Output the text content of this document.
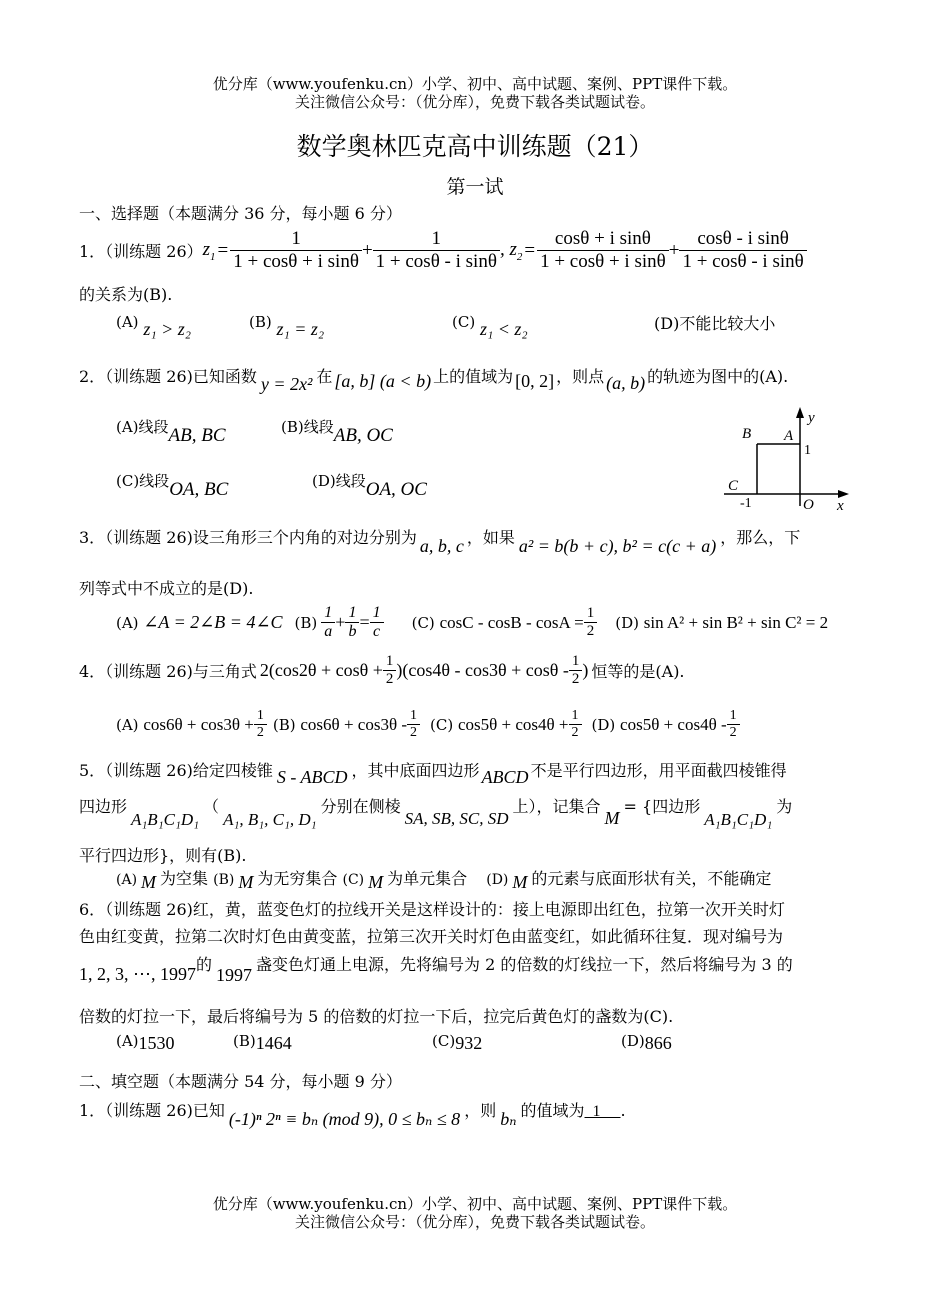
优分库（www.youfenku.cn）小学、初中、高中试题、案例、PPT课件下载。
关注微信公众号：（优分库），免费下载各类试题试卷。
数学奥林匹克高中训练题（21）
第一试
一、选择题（本题满分 36 分，每小题 6 分）
1．（训练题 26） $z_1 = \frac{1}{\text{1 + cosθ + i sinθ}} + \frac{1}{\text{1 + cosθ - i sinθ}}$ , $z_2 = \frac{\text{cosθ + i sinθ}}{\text{1 + cosθ + i sinθ}} + \frac{\text{cosθ - i sinθ}}{\text{1 + cosθ - i sinθ}}$
的关系为(B).
(A) z₁ > z₂	(B) z₁ = z₂	(C) z₁ < z₂	(D)不能比较大小
2．（训练题 26)已知函数 y = 2x² 在 [a, b] (a < b) 上的值域为 [0, 2] ，则点 (a, b) 的轨迹为图中的(A).
(A)线段AB, BC	(B)线段AB, OC
(C)线段OA, BC	(D)线段OA, OC
y
B A
1
C
-1	O x
3．（训练题 26)设三角形三个内角的对边分别为 a, b, c ，如果 a² = b(b + c), b² = c(c + a) ，那么，下
列等式中不成立的是(D).
(A) ∠A = 2∠B = 4∠C $(B) \frac{1}{a} + \frac{1}{b} = \frac{1}{c} (C)$ $\cos C - \cos B - \cos A = \frac{1}{2} (D)$ sin A² + sin B² + sin C² = 2
4．（训练题 26)与三角式 $2(\cos 2\theta + \cos\theta + \frac{1}{2} )(\cos 4\theta - \cos 3\theta + \cos\theta - \frac{1}{2}$ ) 恒等的是(A).
(A) $\cos 6\theta + \cos 3\theta + \frac{1}{2} (B) \cos 6\theta + \cos 3\theta - \frac{1}{2} (C) \cos 5\theta + \cos 4\theta + \frac{1}{2} (D) \cos 5\theta + \cos 4\theta - \frac{1}{2}$
5．（训练题 26)给定四棱锥 S - ABCD ，其中底面四边形 ABCD 不是平行四边形，用平面截四棱锥得
四边形A₁B₁C₁D₁（A₁, B₁, C₁, D₁分别在侧棱SA, SB, SC, SD上），记集合M= {四边形A₁B₁C₁D₁为
平行四边形}，则有(B).
(A) M 为空集 (B) M 为无穷集合 (C) M 为单元集合 (D) M 的元素与底面形状有关，不能确定
6．（训练题 26)红，黄，蓝变色灯的拉线开关是这样设计的：接上电源即出红色，拉第一次开关时灯
色由红变黄，拉第二次时灯色由黄变蓝，拉第三次开关时灯色由蓝变红，如此循环往复．现对编号为
1, 2, 3, ⋯, 1997的1997盏变色灯通上电源，先将编号为 2 的倍数的灯线拉一下，然后将编号为 3 的
倍数的灯拉一下，最后将编号为 5 的倍数的灯拉一下后，拉完后黄色灯的盏数为(C).
(A)1530	(B)1464	(C)932	(D)866
二、填空题（本题满分 54 分，每小题 9 分）
1．（训练题 26)已知 (-1)ⁿ 2ⁿ ≡ bₙ (mod 9), 0 ≤ bₙ ≤ 8 ，则 bₙ 的值域为  1     .
优分库（www.youfenku.cn）小学、初中、高中试题、案例、PPT课件下载。
关注微信公众号：（优分库），免费下载各类试题试卷。
